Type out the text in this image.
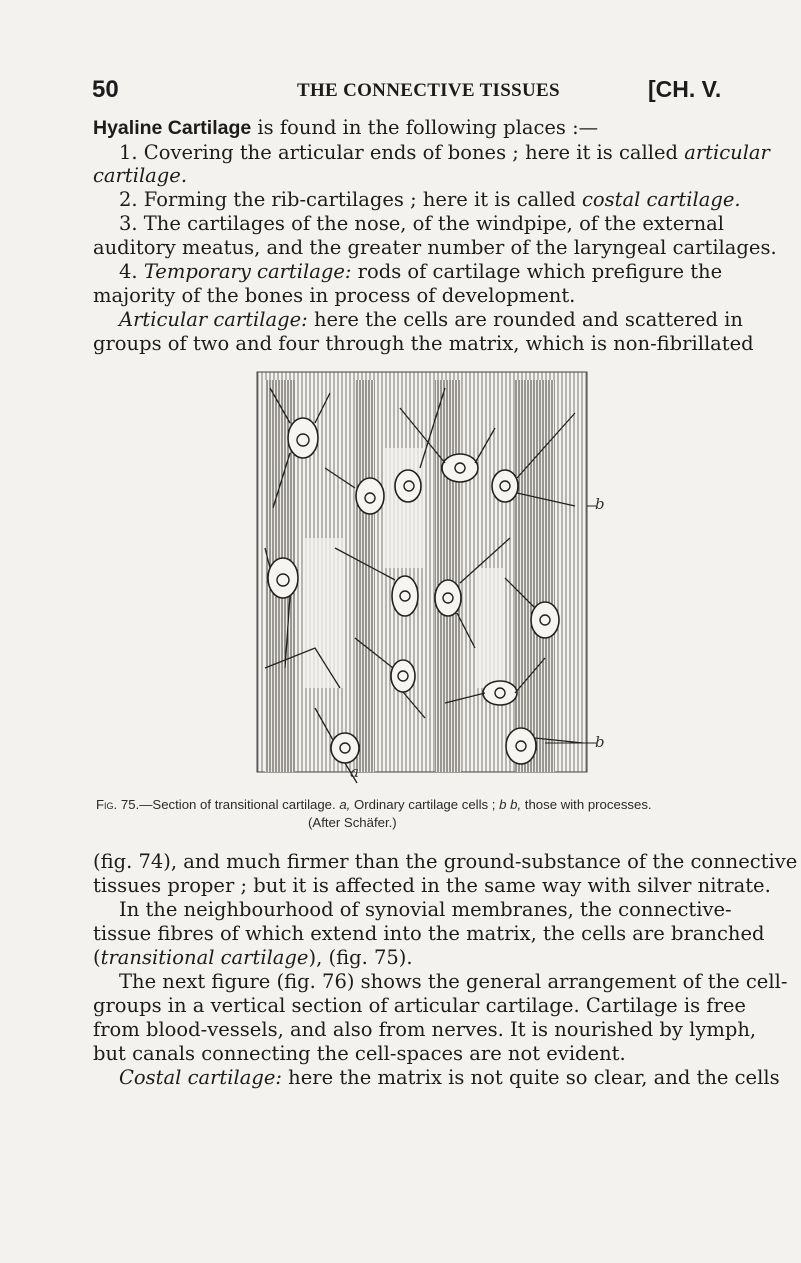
50	THE CONNECTIVE TISSUES	[CH. V.
Hyaline Cartilage is found in the following places :—
1. Covering the articular ends of bones ; here it is called articular
cartilage.
2. Forming the rib-cartilages ; here it is called costal cartilage.
3. The cartilages of the nose, of the windpipe, of the external
auditory meatus, and the greater number of the laryngeal cartilages.
4. Temporary cartilage: rods of cartilage which prefigure the
majority of the bones in process of development.
Articular cartilage: here the cells are rounded and scattered in
groups of two and four through the matrix, which is non-fibrillated
b
b
a
Fig. 75.—Section of transitional cartilage. a, Ordinary cartilage cells ; b b, those with processes.
(After Schäfer.)
(fig. 74), and much firmer than the ground-substance of the connective
tissues proper ; but it is affected in the same way with silver nitrate.
In the neighbourhood of synovial membranes, the connective-
tissue fibres of which extend into the matrix, the cells are branched
(transitional cartilage), (fig. 75).
The next figure (fig. 76) shows the general arrangement of the cell-
groups in a vertical section of articular cartilage. Cartilage is free
from blood-vessels, and also from nerves. It is nourished by lymph,
but canals connecting the cell-spaces are not evident.
Costal cartilage: here the matrix is not quite so clear, and the cells
